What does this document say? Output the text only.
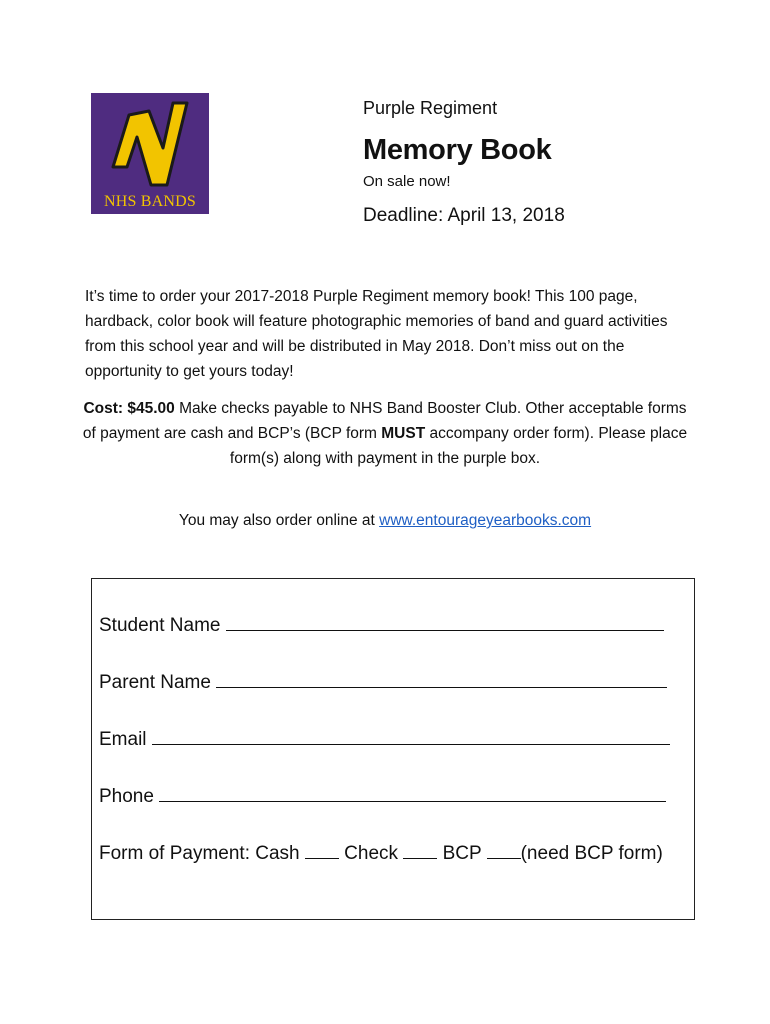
NHS BANDS

Purple Regiment

Memory Book

On sale now!

Deadline: April 13, 2018

It’s time to order your 2017-2018 Purple Regiment memory book! This 100 page, hardback, color book will feature photographic memories of band and guard activities from this school year and will be distributed in May 2018. Don’t miss out on the opportunity to get yours today!

Cost: $45.00 Make checks payable to NHS Band Booster Club. Other acceptable forms of payment are cash and BCP’s (BCP form MUST accompany order form). Please place form(s) along with payment in the purple box.

You may also order online at www.entourageyearbooks.com

Student Name

Parent Name

Email

Phone

Form of Payment: Cash  Check  BCP (need BCP form)
